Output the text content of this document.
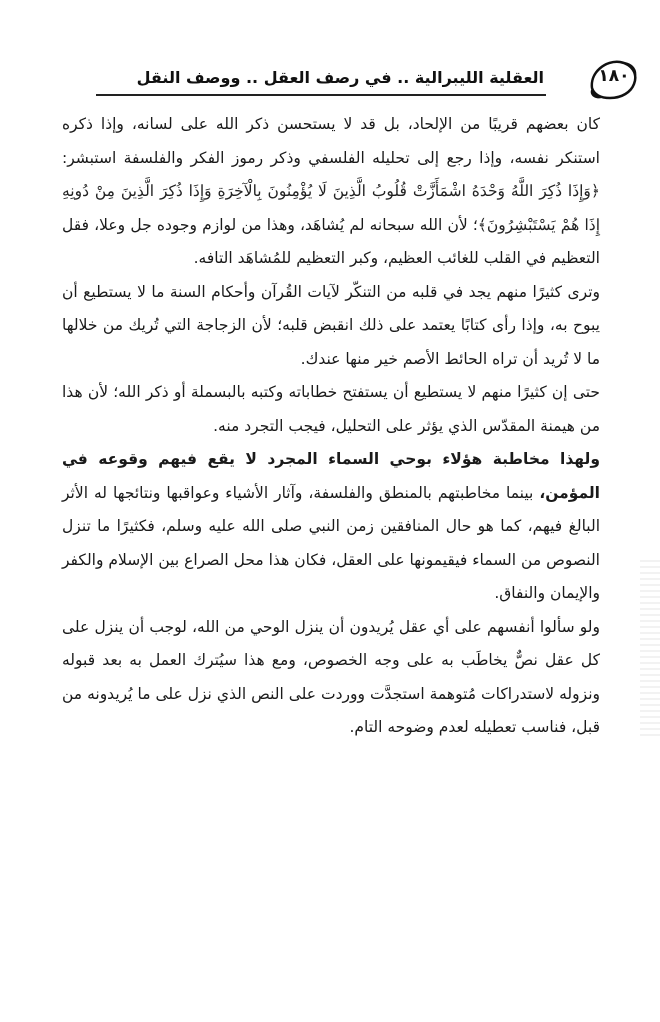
١٨٠
العقلية الليبرالية .. في رصف العقل .. ووصف النقل

كان بعضهم قريبًا من الإلحاد، بل قد لا يستحسن ذكر الله على لسانه، وإذا ذكره استنكر نفسه، وإذا رجع إلى تحليله الفلسفي وذكر رموز الفكر والفلسفة استبشر: ﴿وَإِذَا ذُكِرَ اللَّهُ وَحْدَهُ اشْمَأَزَّتْ قُلُوبُ الَّذِينَ لَا يُؤْمِنُونَ بِالْآخِرَةِ وَإِذَا ذُكِرَ الَّذِينَ مِنْ دُونِهِ إِذَا هُمْ يَسْتَبْشِرُونَ﴾؛ لأن الله سبحانه لم يُشاهَد، وهذا من لوازم وجوده جل وعلا، فقل التعظيم في القلب للغائب العظيم، وكبر التعظيم للمُشاهَد التافه.

وترى كثيرًا منهم يجد في قلبه من التنكّر لآيات القُرآن وأحكام السنة ما لا يستطيع أن يبوح به، وإذا رأى كتابًا يعتمد على ذلك انقبض قلبه؛ لأن الزجاجة التي تُريك من خلالها ما لا تُريد أن تراه الحائط الأصم خير منها عندك.

حتى إن كثيرًا منهم لا يستطيع أن يستفتح خطاباته وكتبه بالبسملة أو ذكر الله؛ لأن هذا من هيمنة المقدّس الذي يؤثر على التحليل، فيجب التجرد منه.

ولهذا مخاطبة هؤلاء بوحي السماء المجرد لا يقع فيهم وقوعه في المؤمن، بينما مخاطبتهم بالمنطق والفلسفة، وآثار الأشياء وعواقبها ونتائجها له الأثر البالغ فيهم، كما هو حال المنافقين زمن النبي صلى الله عليه وسلم، فكثيرًا ما تنزل النصوص من السماء فيقيمونها على العقل، فكان هذا محل الصراع بين الإسلام والكفر والإيمان والنفاق.

ولو سألوا أنفسهم على أي عقل يُريدون أن ينزل الوحي من الله، لوجب أن ينزل على كل عقل نصٌّ يخاطَب به على وجه الخصوص، ومع هذا سيُترك العمل به بعد قبوله ونزوله لاستدراكات مُتوهمة استجدَّت ووردت على النص الذي نزل على ما يُريدونه من قبل، فناسب تعطيله لعدم وضوحه التام.
